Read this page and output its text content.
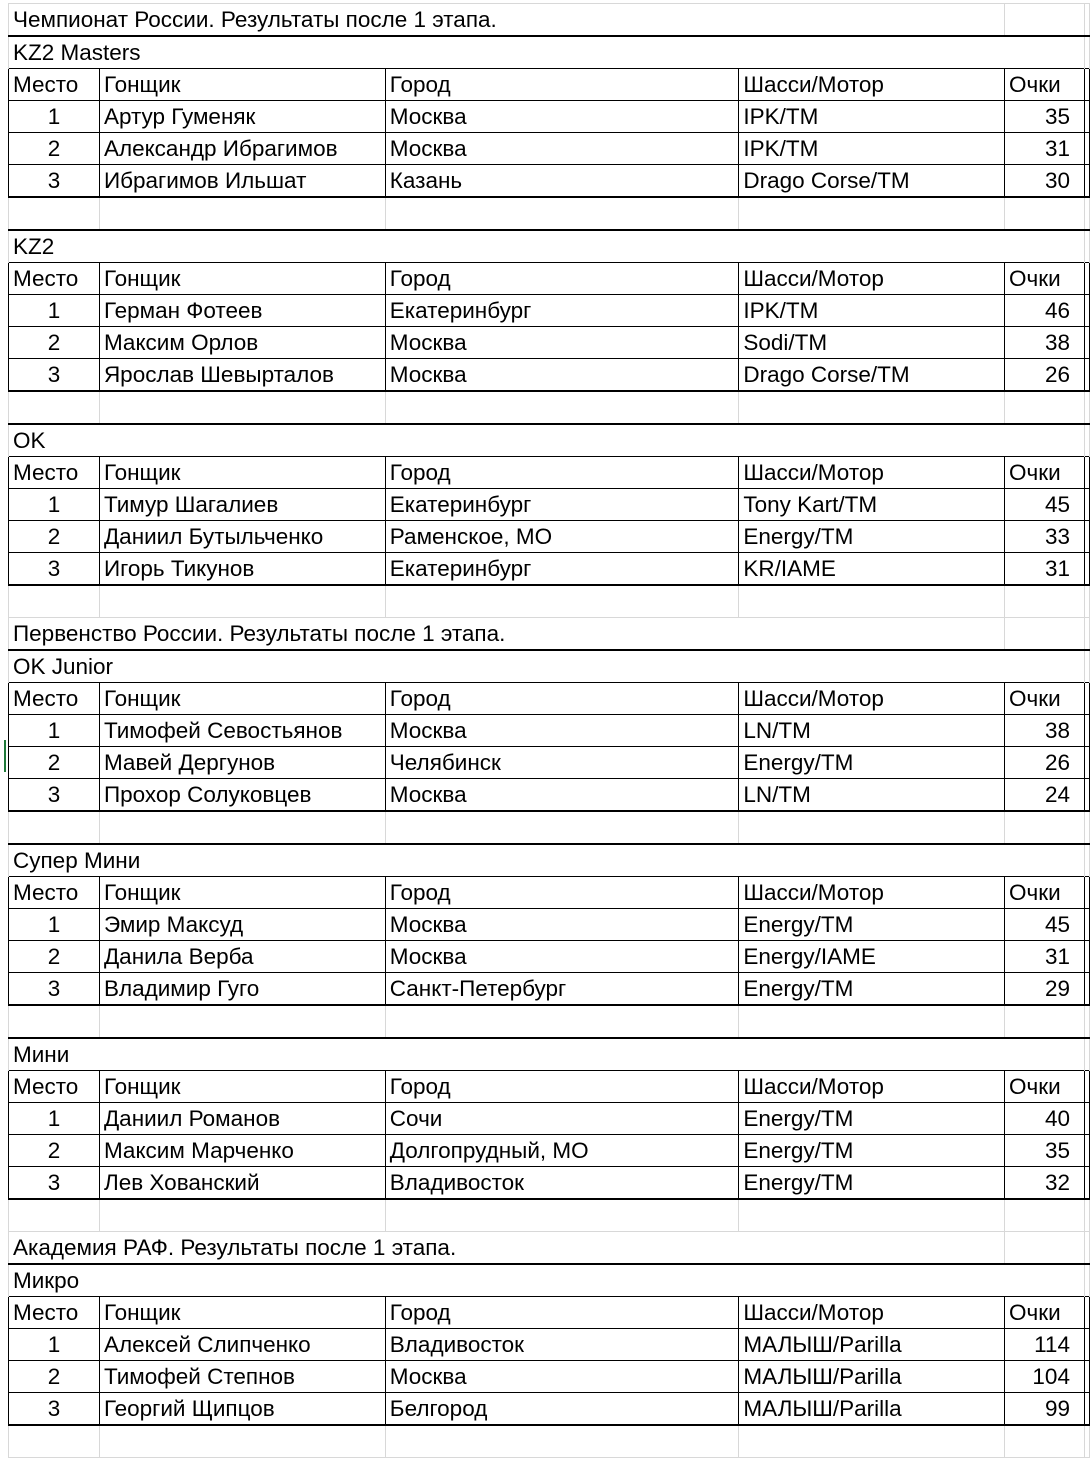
Чемпионат России. Результаты после 1 этапа.					
KZ2 Masters					
Место	Гонщик	Город	Шасси/Мотор	Очки	
1	Артур Гуменяк	Москва	IPK/TM	35	
2	Александр Ибрагимов	Москва	IPK/TM	31	
3	Ибрагимов Ильшат	Казань	Drago Corse/TM	30	

KZ2					
Место	Гонщик	Город	Шасси/Мотор	Очки	
1	Герман Фотеев	Екатеринбург	IPK/TM	46	
2	Максим Орлов	Москва	Sodi/TM	38	
3	Ярослав Шевырталов	Москва	Drago Corse/TM	26	

OK					
Место	Гонщик	Город	Шасси/Мотор	Очки	
1	Тимур Шагалиев	Екатеринбург	Tony Kart/TM	45	
2	Даниил Бутыльченко	Раменское, МО	Energy/TM	33	
3	Игорь Тикунов	Екатеринбург	KR/IAME	31	

Первенство России. Результаты после 1 этапа.					
OK Junior					
Место	Гонщик	Город	Шасси/Мотор	Очки	
1	Тимофей Севостьянов	Москва	LN/TM	38	
2	Мавей Дергунов	Челябинск	Energy/TM	26	
3	Прохор Солуковцев	Москва	LN/TM	24	

Супер Мини					
Место	Гонщик	Город	Шасси/Мотор	Очки	
1	Эмир Максуд	Москва	Energy/TM	45	
2	Данила Верба	Москва	Energy/IAME	31	
3	Владимир Гуго	Санкт-Петербург	Energy/TM	29	

Мини					
Место	Гонщик	Город	Шасси/Мотор	Очки	
1	Даниил Романов	Сочи	Energy/TM	40	
2	Максим Марченко	Долгопрудный, МО	Energy/TM	35	
3	Лев Хованский	Владивосток	Energy/TM	32	

Академия РАФ. Результаты после 1 этапа.					
Микро					
Место	Гонщик	Город	Шасси/Мотор	Очки	
1	Алексей Слипченко	Владивосток	МАЛЫШ/Parilla	114	
2	Тимофей Степнов	Москва	МАЛЫШ/Parilla	104	
3	Георгий Щипцов	Белгород	МАЛЫШ/Parilla	99	
